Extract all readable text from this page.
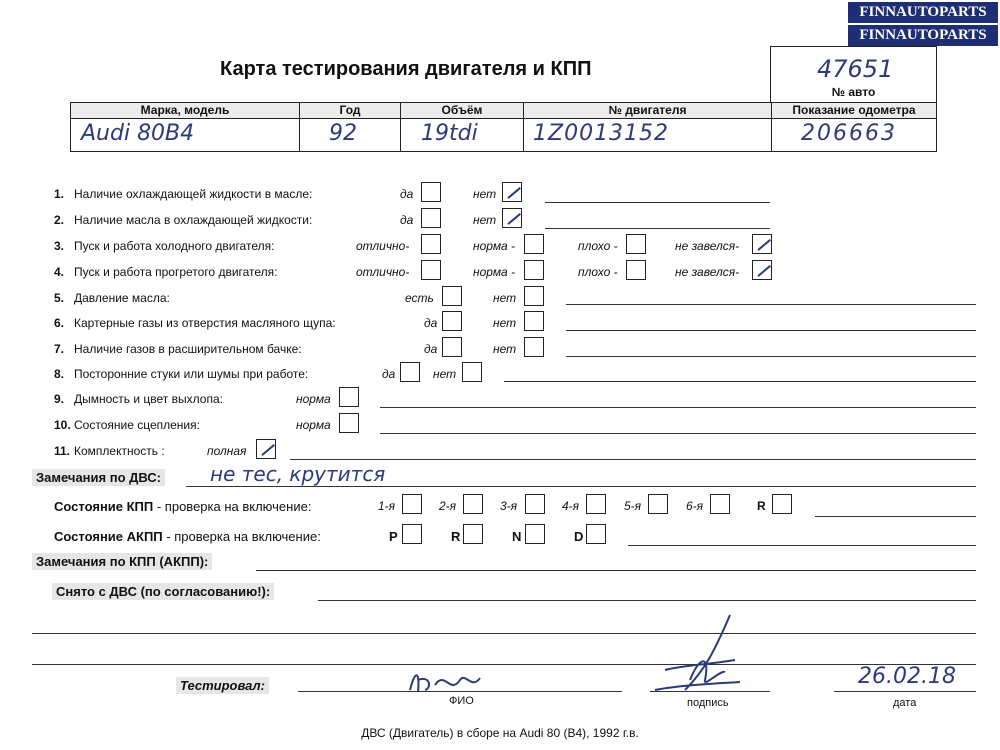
FINNAUTOPARTS
FINNAUTOPARTS
Карта тестирования двигателя и КПП	47651
№ авто
Марка, модель	Год	Объём	№ двигателя	Показание одометра
Audi 80B4	92	19tdi	1Z0013152	206663
1. Наличие охлаждающей жидкости в масле:	да	нет
2. Наличие масла в охлаждающей жидкости:	да	нет
3. Пуск и работа холодного двигателя:	отлично-	норма -	плохо -	не завелся-
4. Пуск и работа прогретого двигателя:	отлично-	норма -	плохо -	не завелся-
5. Давление масла:	есть	нет
6. Картерные газы из отверстия масляного щупа:	да	нет
7. Наличие газов в расширительном бачке:	да	нет
8. Посторонние стуки или шумы при работе:	да	нет
9. Дымность и цвет выхлопа:	норма
10. Состояние сцепления:	норма
11. Комплектность :	полная
Замечания по ДВС: не тес, крутится
Состояние КПП - проверка на включение:	1-я	2-я	3-я	4-я	5-я	6-я	R
Состояние АКПП - проверка на включение:	P	R	N	D
Замечания по КПП (АКПП):
Снято с ДВС (по согласованию!):
Тестировал:
ФИО	подпись
26.02.18
дата
ДВС (Двигатель) в сборе на Audi 80 (B4), 1992 г.в.
